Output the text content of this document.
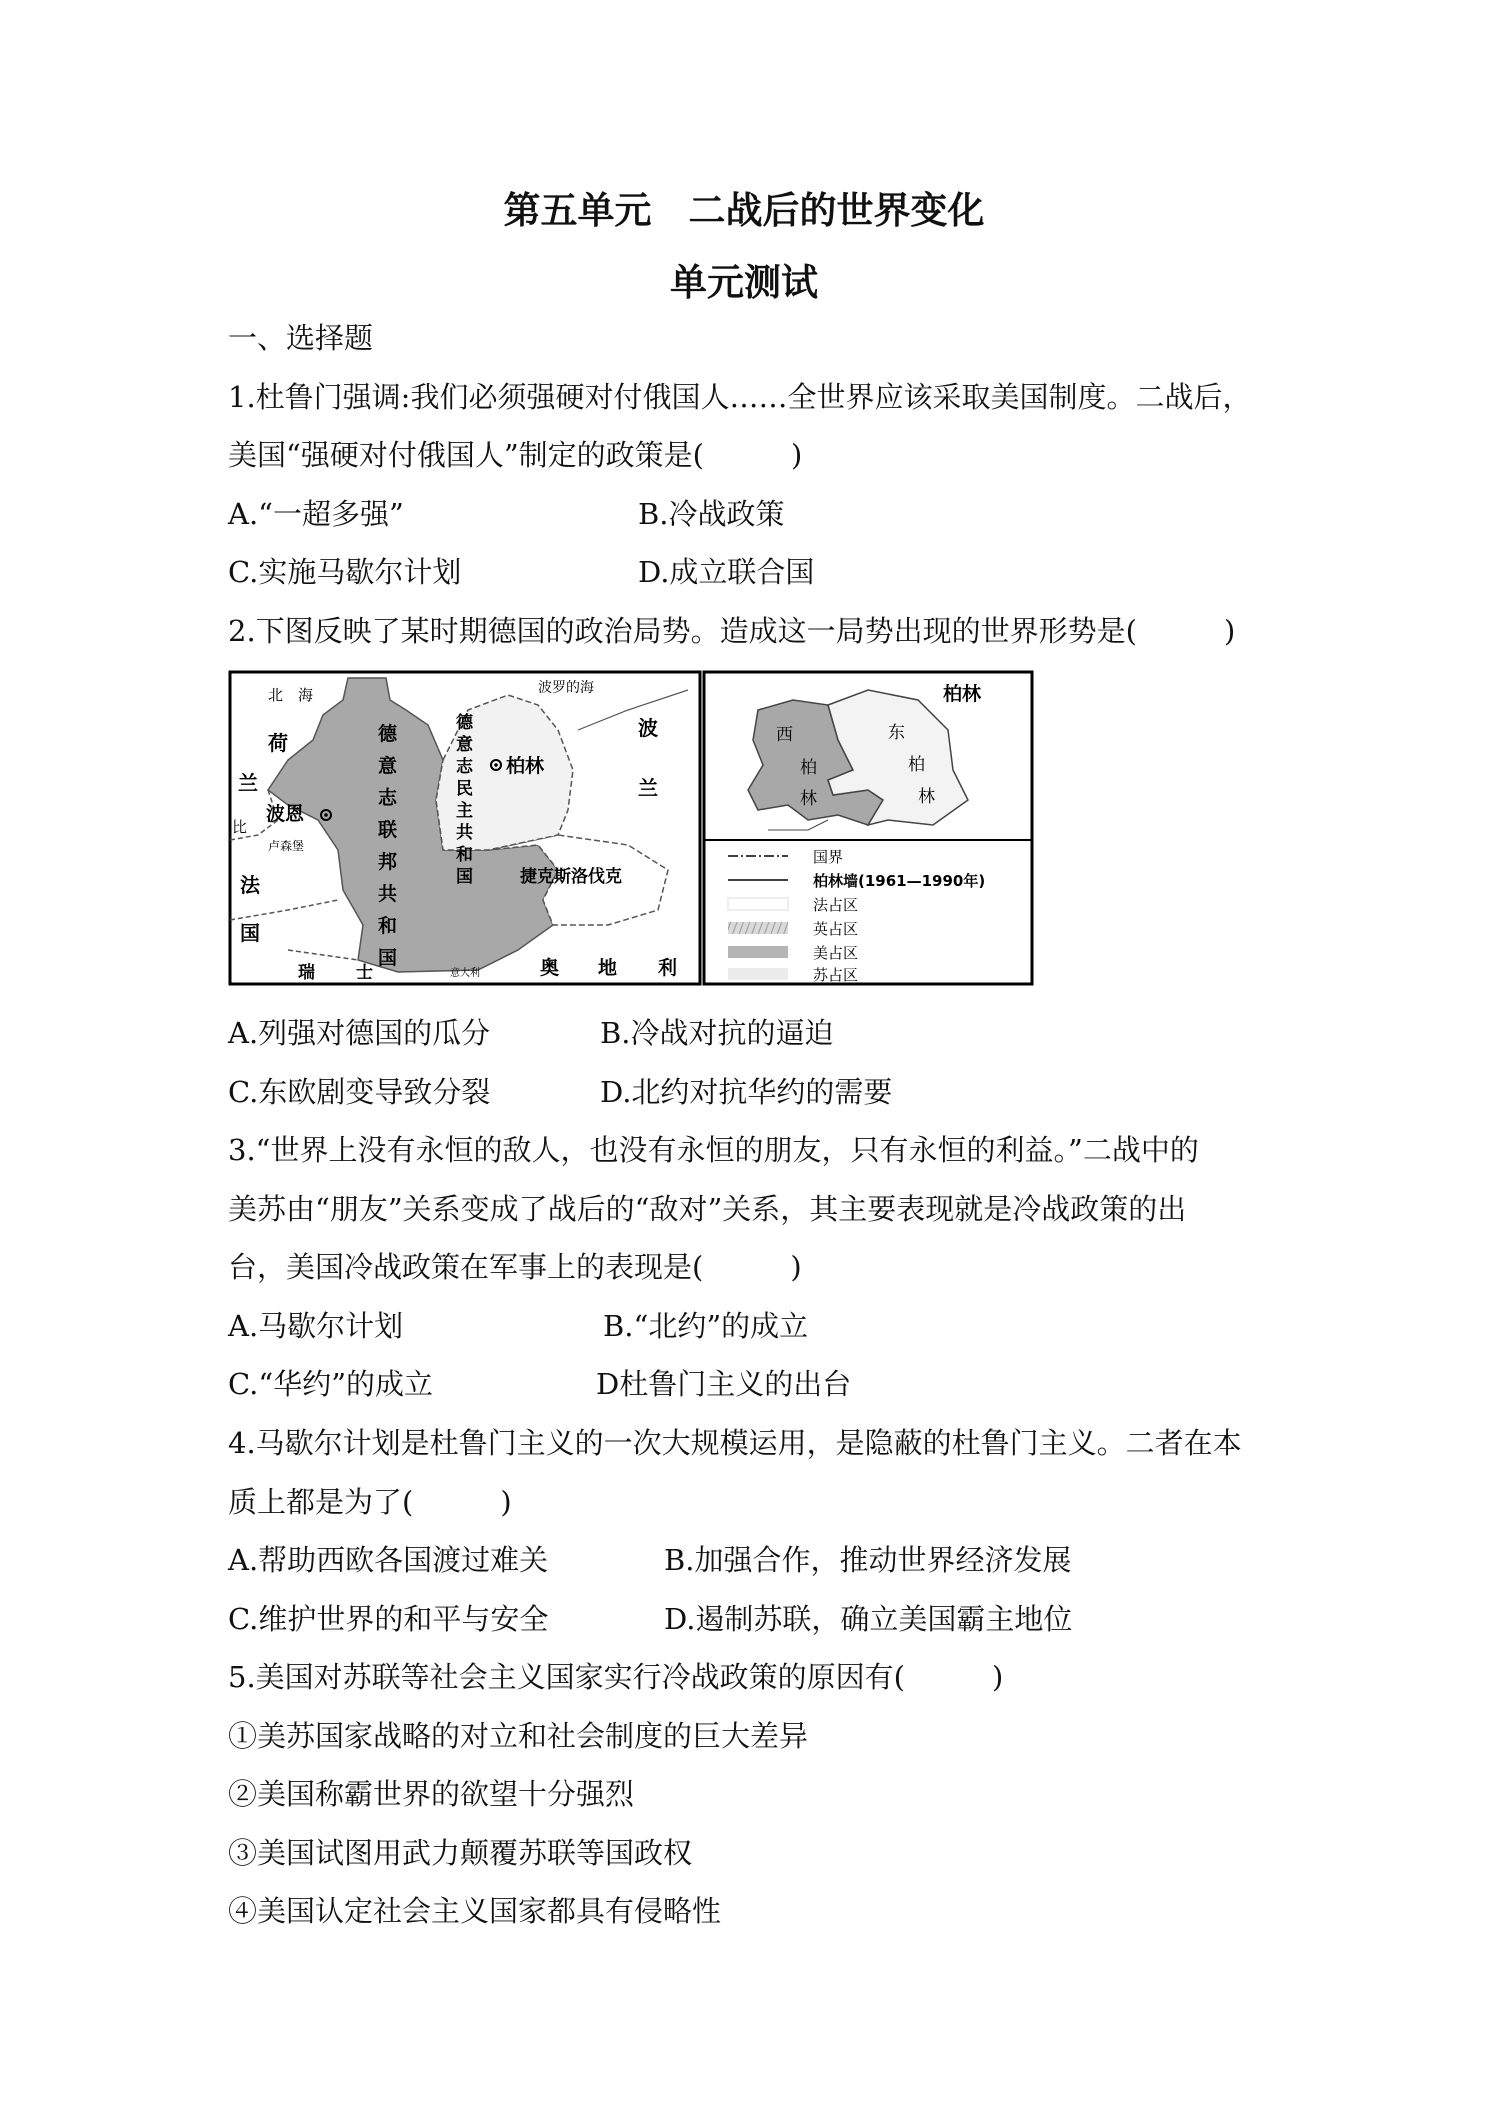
第五单元　二战后的世界变化
单元测试
一、选择题
1.杜鲁门强调:我们必须强硬对付俄国人……全世界应该采取美国制度。二战后，
美国“强硬对付俄国人”制定的政策是(　　　)
A.“一超多强”	B.冷战政策
C.实施马歇尔计划	D.成立联合国
2.下图反映了某时期德国的政治局势。造成这一局势出现的世界形势是(　　　)
北　海	波罗的海
荷
兰
波恩
比
卢森堡
法
国
德
意
志
联
邦
共
和
国
德
意
志
民
主
共
和
国
柏林
波
兰
捷克斯洛伐克
奥 地 利
瑞 士	意大利
柏林
西
柏
林
东
柏
林
国界
柏林墙(1961—1990年)
法占区
英占区
美占区
苏占区
A.列强对德国的瓜分	B.冷战对抗的逼迫
C.东欧剧变导致分裂	D.北约对抗华约的需要
3.“世界上没有永恒的敌人，也没有永恒的朋友，只有永恒的利益。”二战中的
美苏由“朋友”关系变成了战后的“敌对”关系，其主要表现就是冷战政策的出
台，美国冷战政策在军事上的表现是(　　　)
A.马歇尔计划	B.“北约”的成立
C.“华约”的成立	D杜鲁门主义的出台
4.马歇尔计划是杜鲁门主义的一次大规模运用，是隐蔽的杜鲁门主义。二者在本
质上都是为了(　　　)
A.帮助西欧各国渡过难关	B.加强合作，推动世界经济发展
C.维护世界的和平与安全	D.遏制苏联，确立美国霸主地位
5.美国对苏联等社会主义国家实行冷战政策的原因有(　　　)
①美苏国家战略的对立和社会制度的巨大差异
②美国称霸世界的欲望十分强烈
③美国试图用武力颠覆苏联等国政权
④美国认定社会主义国家都具有侵略性
